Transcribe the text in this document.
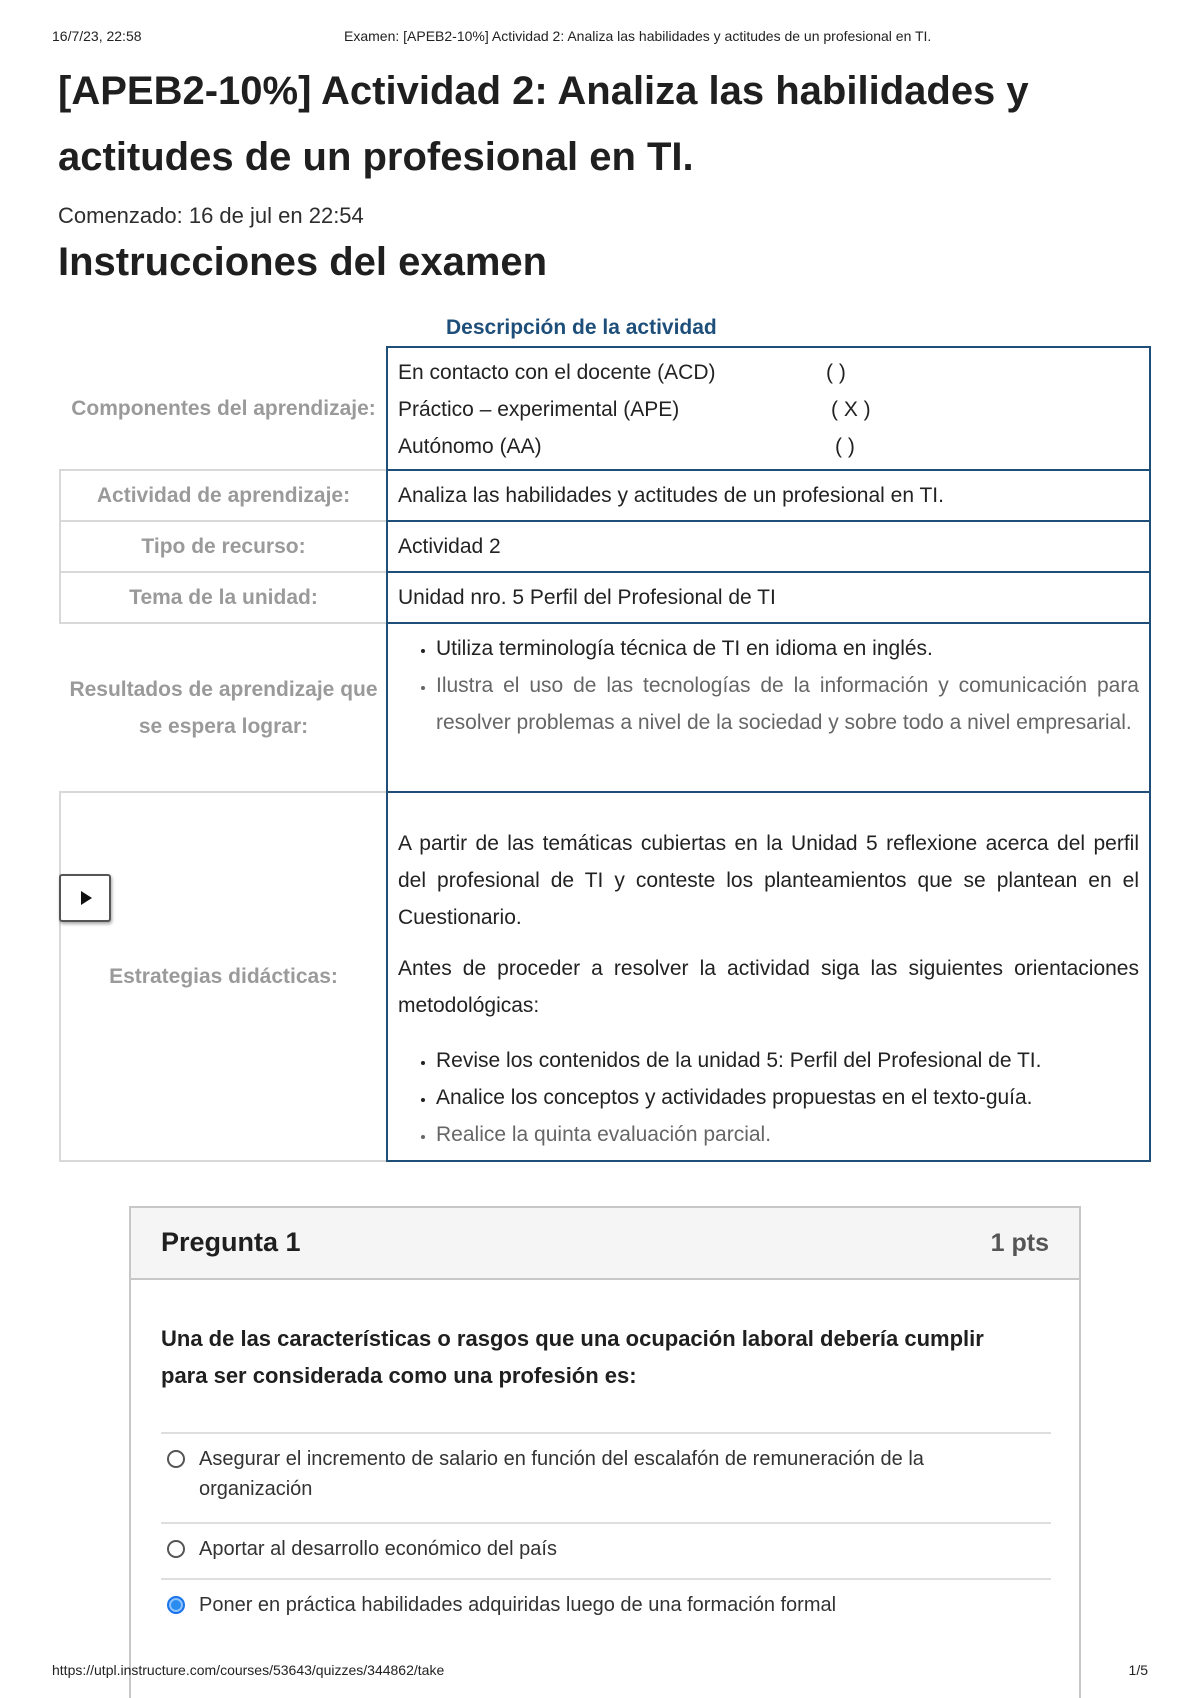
16/7/23, 22:58	Examen: [APEB2-10%] Actividad 2: Analiza las habilidades y actitudes de un profesional en TI.
[APEB2-10%] Actividad 2: Analiza las habilidades y actitudes de un profesional en TI.
Comenzado: 16 de jul en 22:54
Instrucciones del examen
Descripción de la actividad
Componentes del aprendizaje:
En contacto con el docente (ACD)	( )
Práctico – experimental (APE)	( X )
Autónomo (AA)	( )
Actividad de aprendizaje:	Analiza las habilidades y actitudes de un profesional en TI.
Tipo de recurso:	Actividad 2
Tema de la unidad:	Unidad nro. 5 Perfil del Profesional de TI
Resultados de aprendizaje que se espera lograr:
• Utiliza terminología técnica de TI en idioma en inglés.
• Ilustra el uso de las tecnologías de la información y comunicación para resolver problemas a nivel de la sociedad y sobre todo a nivel empresarial.
Estrategias didácticas:

A partir de las temáticas cubiertas en la Unidad 5 reflexione acerca del perfil del profesional de TI y conteste los planteamientos que se plantean en el Cuestionario.

Antes de proceder a resolver la actividad siga las siguientes orientaciones metodológicas:

• Revise los contenidos de la unidad 5: Perfil del Profesional de TI.
• Analice los conceptos y actividades propuestas en el texto-guía.
• Realice la quinta evaluación parcial.
Pregunta 1	1 pts
Una de las características o rasgos que una ocupación laboral debería cumplir para ser considerada como una profesión es:
Asegurar el incremento de salario en función del escalafón de remuneración de la organización
Aportar al desarrollo económico del país
Poner en práctica habilidades adquiridas luego de una formación formal
https://utpl.instructure.com/courses/53643/quizzes/344862/take	1/5
